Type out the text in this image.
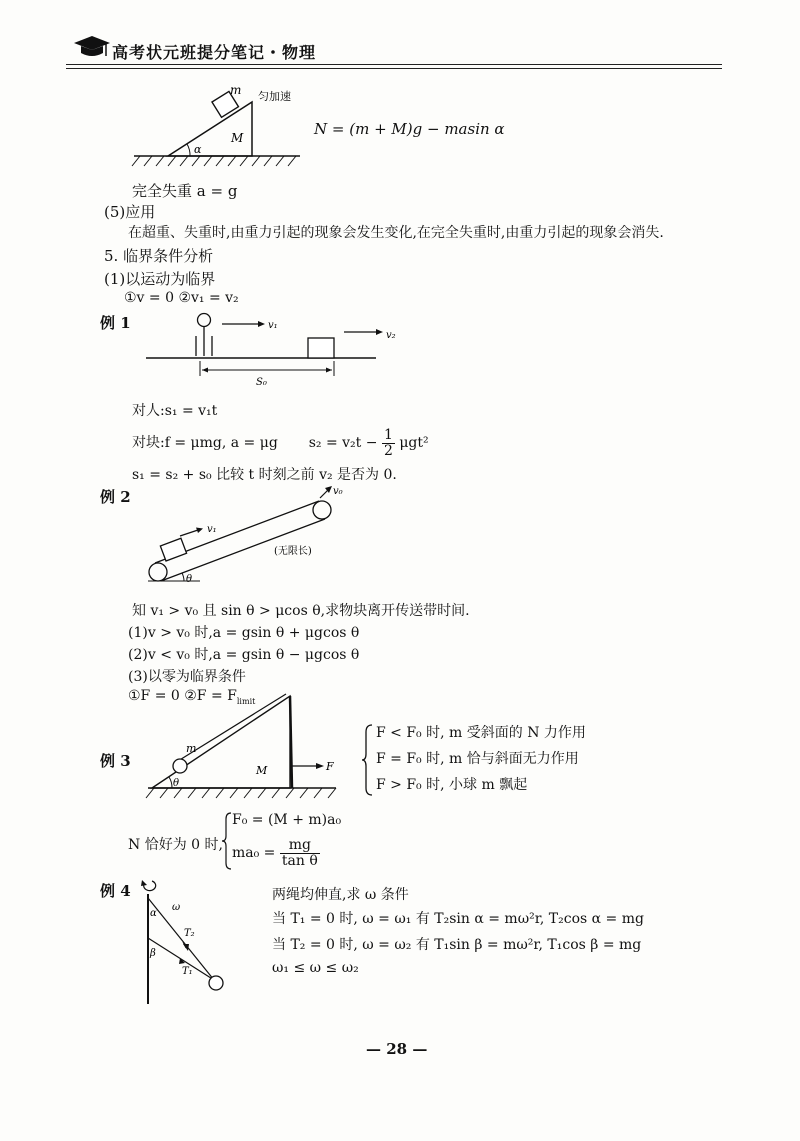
高考状元班提分笔记・物理
m 匀加速
M
α
N = (m + M)g − masin α
完全失重 a = g
(5)应用
在超重、失重时,由重力引起的现象会发生变化,在完全失重时,由重力引起的现象会消失.
5. 临界条件分析
(1)以运动为临界
①v = 0 ②v₁ = v₂
例 1	v₁
v₂
S₀
对人:s₁ = v₁t
对块:f = μmg, a = μg $s_2 = v_2t - \frac{1}{2} \mu gt^2$
s₁ = s₂ + s₀ 比较 t 时刻之前 v₂ 是否为 0.
例 2
v₁
v₀
(无限长)
θ
知 v₁ > v₀ 且 sin θ > μcos θ,求物块离开传送带时间.
(1)v > v₀ 时,a = gsin θ + μgcos θ
(2)v < v₀ 时,a = gsin θ − μgcos θ
(3)以零为临界条件
①F = 0 ②F = $F_{limit}$
例 3
m
M
θ
F
F < F₀ 时, m 受斜面的 N 力作用
F = F₀ 时, m 恰与斜面无力作用
F > F₀ 时, 小球 m 飘起
N 恰好为 0 时,
F₀ = (M + m)a₀
$ma_0 = \frac{mg}{\text{tan θ}}$
例 4
ω
α
β
T₂
T₁
两绳均伸直,求 ω 条件
当 T₁ = 0 时, ω = ω₁ 有 T₂sin α = mω²r, T₂cos α = mg
当 T₂ = 0 时, ω = ω₂ 有 T₁sin β = mω²r, T₁cos β = mg
ω₁ ≤ ω ≤ ω₂
— 28 —
